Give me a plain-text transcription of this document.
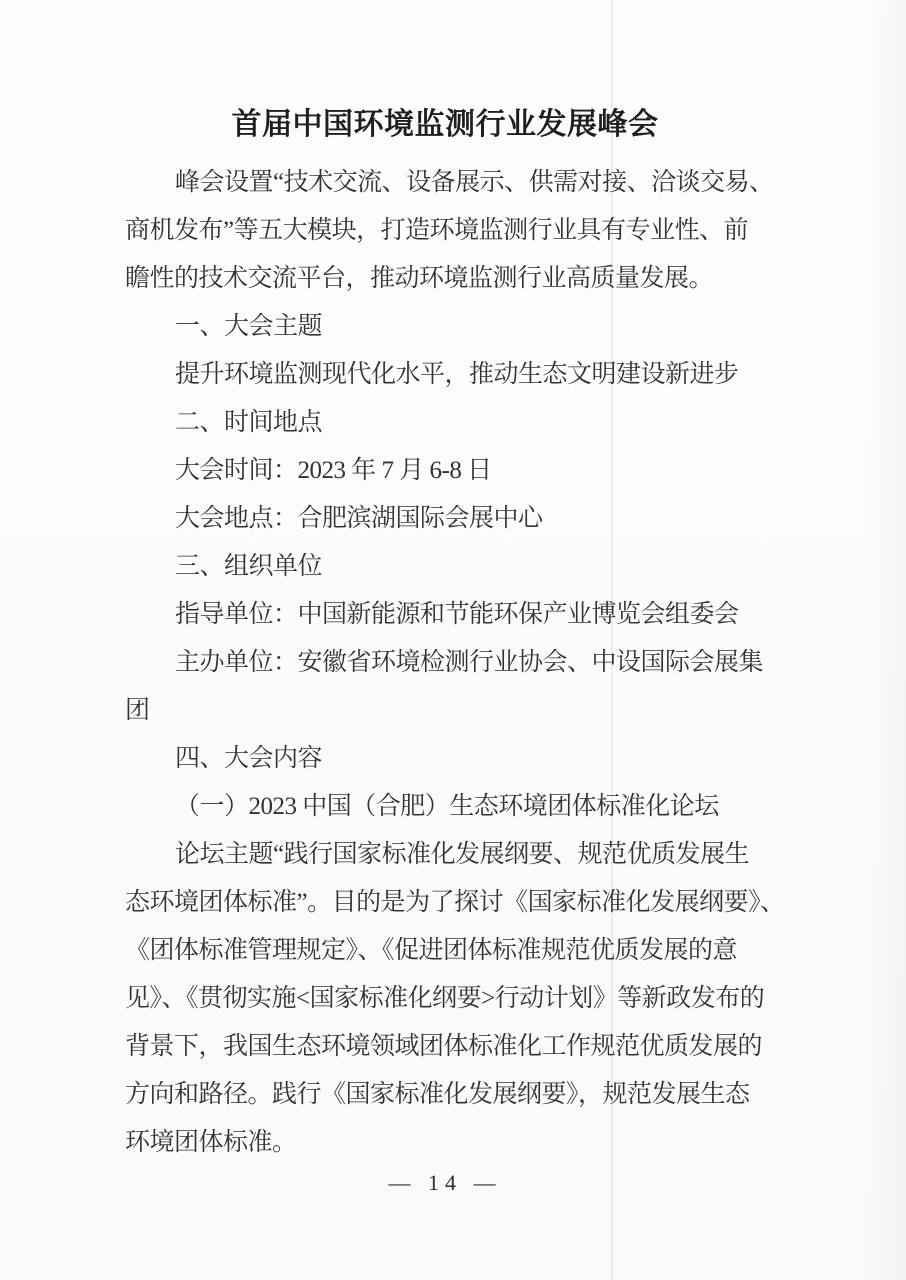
首届中国环境监测行业发展峰会
峰会设置“技术交流、设备展示、供需对接、洽谈交易、
商机发布”等五大模块，打造环境监测行业具有专业性、前
瞻性的技术交流平台，推动环境监测行业高质量发展。
一、大会主题
提升环境监测现代化水平，推动生态文明建设新进步
二、时间地点
大会时间：2023 年 7 月 6-8 日
大会地点：合肥滨湖国际会展中心
三、组织单位
指导单位：中国新能源和节能环保产业博览会组委会
主办单位：安徽省环境检测行业协会、中设国际会展集
团
四、大会内容
（一）2023 中国（合肥）生态环境团体标准化论坛
论坛主题“践行国家标准化发展纲要、规范优质发展生
态环境团体标准”。目的是为了探讨《国家标准化发展纲要》、
《团体标准管理规定》、《促进团体标准规范优质发展的意
见》、《贯彻实施<国家标准化纲要>行动计划》等新政发布的
背景下，我国生态环境领域团体标准化工作规范优质发展的
方向和路径。践行《国家标准化发展纲要》，规范发展生态
环境团体标准。
— 14 —
